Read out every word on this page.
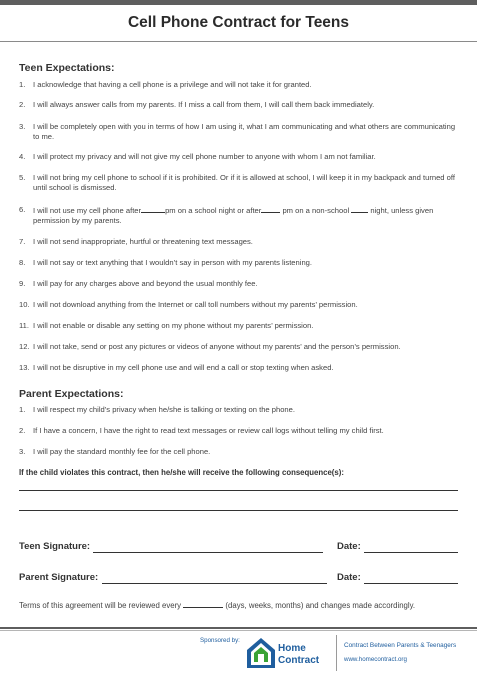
Cell Phone Contract for Teens
Teen Expectations:
1.	I acknowledge that having a cell phone is a privilege and will not take it for granted.
2.	I will always answer calls from my parents. If I miss a call from them, I will call them back immediately.
3.	I will be completely open with you in terms of how I am using it, what I am communicating and what others are communicating to me.
4.	I will protect my privacy and will not give my cell phone number to anyone with whom I am not familiar.
5.	I will not bring my cell phone to school if it is prohibited. Or if it is allowed at school, I will keep it in my backpack and turned off until school is dismissed.
6.	I will not use my cell phone after	pm on a school night or after	pm on a non-school	night, unless given permission by my parents.
7.	I will not send inappropriate, hurtful or threatening text messages.
8.	I will not say or text anything that I wouldn’t say in person with my parents listening.
9.	I will pay for any charges above and beyond the usual monthly fee.
10. I will not download anything from the Internet or call toll numbers without my parents’ permission.
11. I will not enable or disable any setting on my phone without my parents’ permission.
12. I will not take, send or post any pictures or videos of anyone without my parents’ and the person’s permission.
13. I will not be disruptive in my cell phone use and will end a call or stop texting when asked.
Parent Expectations:
1.	I will respect my child’s privacy when he/she is talking or texting on the phone.
2.	If I have a concern, I have the right to read text messages or review call logs without telling my child first.
3.	I will pay the standard monthly fee for the cell phone.
If the child violates this contract, then he/she will receive the following consequence(s):
Teen Signature:	Date:
Parent Signature:	Date:
Terms of this agreement will be reviewed every	(days, weeks, months) and changes made accordingly.
Sponsored by:
Home
Contract
Contract Between Parents & Teenagers
www.homecontract.org
